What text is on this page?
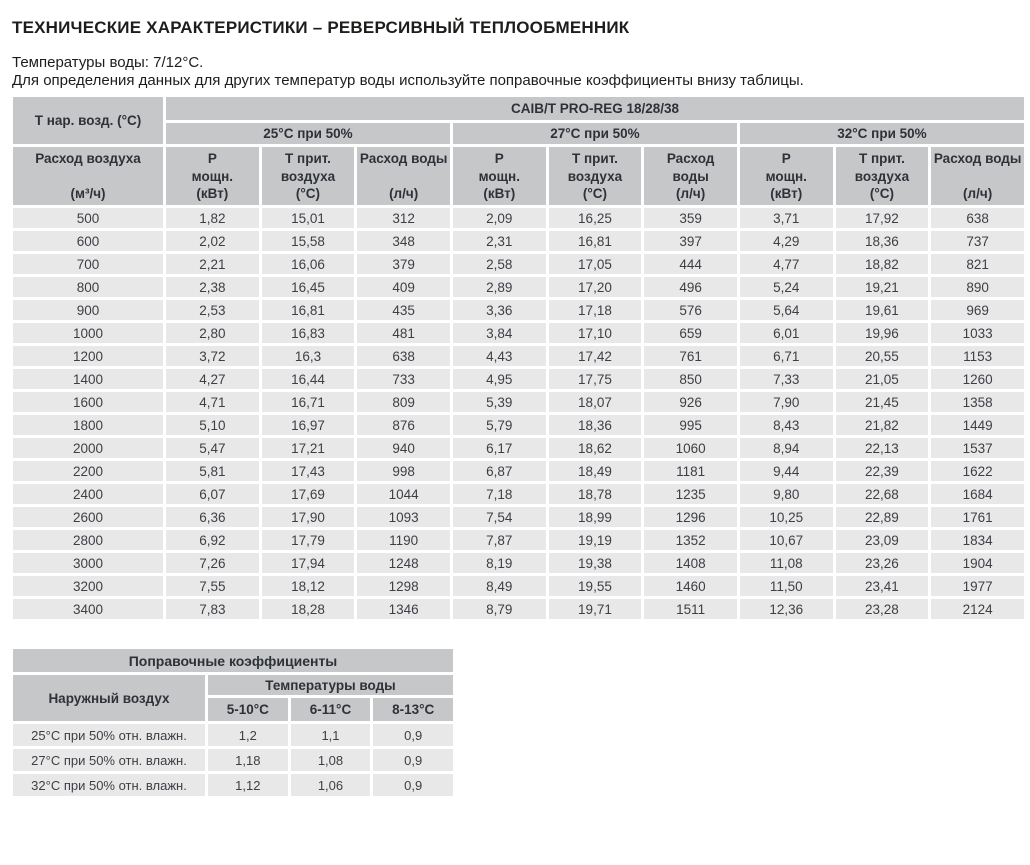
ТЕХНИЧЕСКИЕ ХАРАКТЕРИСТИКИ – РЕВЕРСИВНЫЙ ТЕПЛООБМЕННИК

Температуры воды: 7/12°С.

Для определения данных для других температур воды используйте поправочные коэффициенты внизу таблицы.

Т нар. возд. (°С)	CAIB/T PRO-REG 18/28/38								
	25°С при 50%			27°С при 50%			32°С при 50%		

Расход воздуха
(м³/ч)	Р
мощн.
(кВт)	Т прит.
воздуха
(°С)	Расход воды
(л/ч)	Р
мощн.
(кВт)	Т прит.
воздуха
(°С)	Расход
воды
(л/ч)	Р
мощн.
(кВт)	Т прит.
воздуха
(°С)	Расход воды
(л/ч)

500	1,82	15,01	312	2,09	16,25	359	3,71	17,92	638
600	2,02	15,58	348	2,31	16,81	397	4,29	18,36	737
700	2,21	16,06	379	2,58	17,05	444	4,77	18,82	821
800	2,38	16,45	409	2,89	17,20	496	5,24	19,21	890
900	2,53	16,81	435	3,36	17,18	576	5,64	19,61	969
1000	2,80	16,83	481	3,84	17,10	659	6,01	19,96	1033
1200	3,72	16,3	638	4,43	17,42	761	6,71	20,55	1153
1400	4,27	16,44	733	4,95	17,75	850	7,33	21,05	1260
1600	4,71	16,71	809	5,39	18,07	926	7,90	21,45	1358
1800	5,10	16,97	876	5,79	18,36	995	8,43	21,82	1449
2000	5,47	17,21	940	6,17	18,62	1060	8,94	22,13	1537
2200	5,81	17,43	998	6,87	18,49	1181	9,44	22,39	1622
2400	6,07	17,69	1044	7,18	18,78	1235	9,80	22,68	1684
2600	6,36	17,90	1093	7,54	18,99	1296	10,25	22,89	1761
2800	6,92	17,79	1190	7,87	19,19	1352	10,67	23,09	1834
3000	7,26	17,94	1248	8,19	19,38	1408	11,08	23,26	1904
3200	7,55	18,12	1298	8,49	19,55	1460	11,50	23,41	1977
3400	7,83	18,28	1346	8,79	19,71	1511	12,36	23,28	2124
Поправочные коэффициенты			
Наружный воздух	Температуры воды		
	5-10°С	6-11°С	8-13°С
25°С при 50% отн. влажн.	1,2	1,1	0,9
27°С при 50% отн. влажн.	1,18	1,08	0,9
32°С при 50% отн. влажн.	1,12	1,06	0,9
